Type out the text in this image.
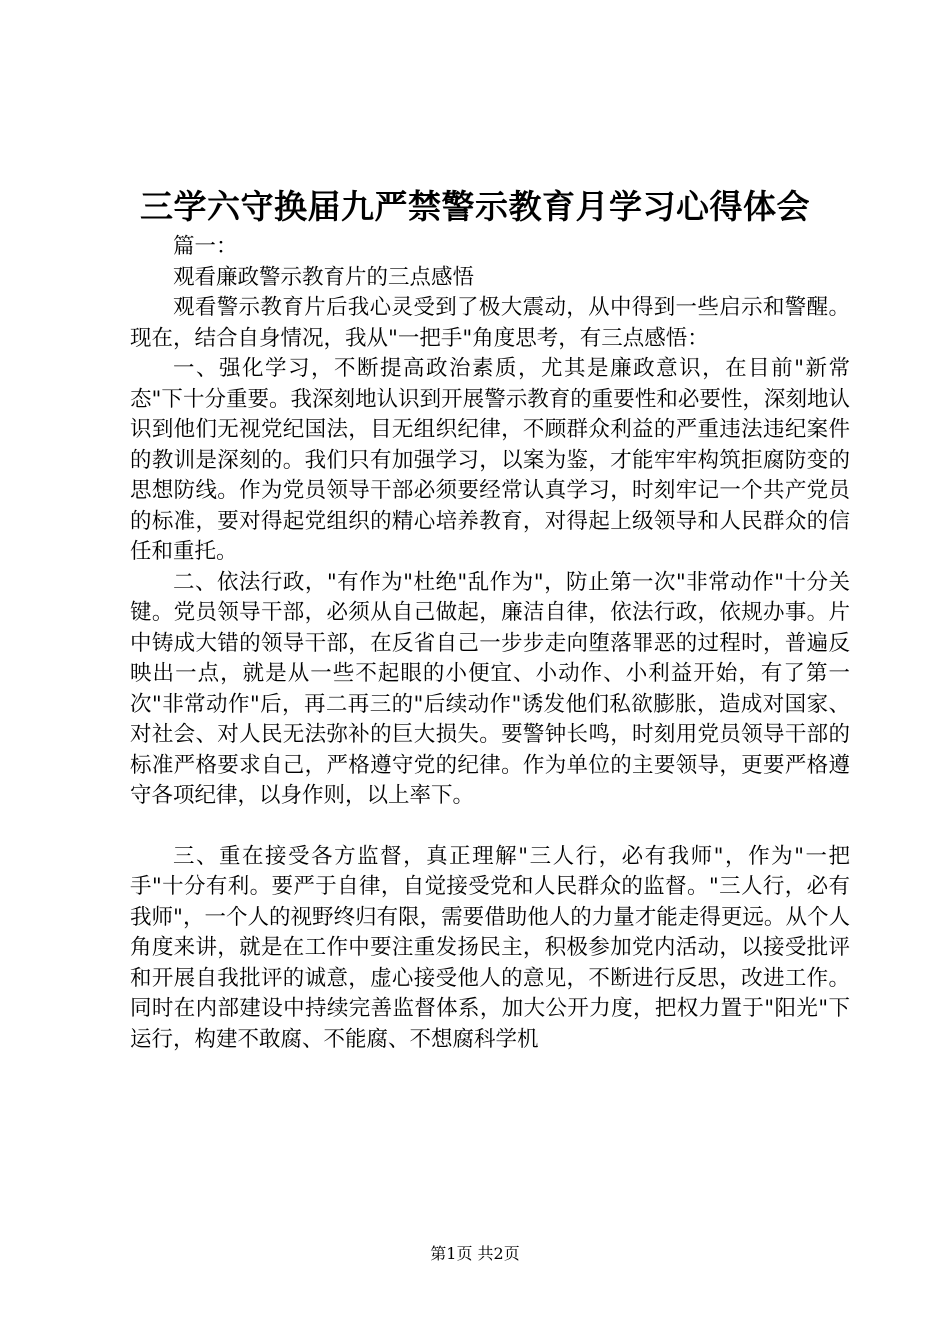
三学六守换届九严禁警示教育月学习心得体会

篇一：

观看廉政警示教育片的三点感悟

观看警示教育片后我心灵受到了极大震动，从中得到一些启示和警醒。现在，结合自身情况，我从"一把手"角度思考，有三点感悟：

一、强化学习，不断提高政治素质，尤其是廉政意识，在目前"新常态"下十分重要。我深刻地认识到开展警示教育的重要性和必要性，深刻地认识到他们无视党纪国法，目无组织纪律，不顾群众利益的严重违法违纪案件的教训是深刻的。我们只有加强学习，以案为鉴，才能牢牢构筑拒腐防变的思想防线。作为党员领导干部必须要经常认真学习，时刻牢记一个共产党员的标准，要对得起党组织的精心培养教育，对得起上级领导和人民群众的信任和重托。

二、依法行政，"有作为"杜绝"乱作为"，防止第一次"非常动作"十分关键。党员领导干部，必须从自己做起，廉洁自律，依法行政，依规办事。片中铸成大错的领导干部，在反省自己一步步走向堕落罪恶的过程时，普遍反映出一点，就是从一些不起眼的小便宜、小动作、小利益开始，有了第一次"非常动作"后，再二再三的"后续动作"诱发他们私欲膨胀，造成对国家、对社会、对人民无法弥补的巨大损失。要警钟长鸣，时刻用党员领导干部的标准严格要求自己，严格遵守党的纪律。作为单位的主要领导，更要严格遵守各项纪律，以身作则，以上率下。

三、重在接受各方监督，真正理解"三人行，必有我师"，作为"一把手"十分有利。要严于自律，自觉接受党和人民群众的监督。"三人行，必有我师"，一个人的视野终归有限，需要借助他人的力量才能走得更远。从个人角度来讲，就是在工作中要注重发扬民主，积极参加党内活动，以接受批评和开展自我批评的诚意，虚心接受他人的意见，不断进行反思，改进工作。同时在内部建设中持续完善监督体系，加大公开力度，把权力置于"阳光"下运行，构建不敢腐、不能腐、不想腐科学机

第1页 共2页
